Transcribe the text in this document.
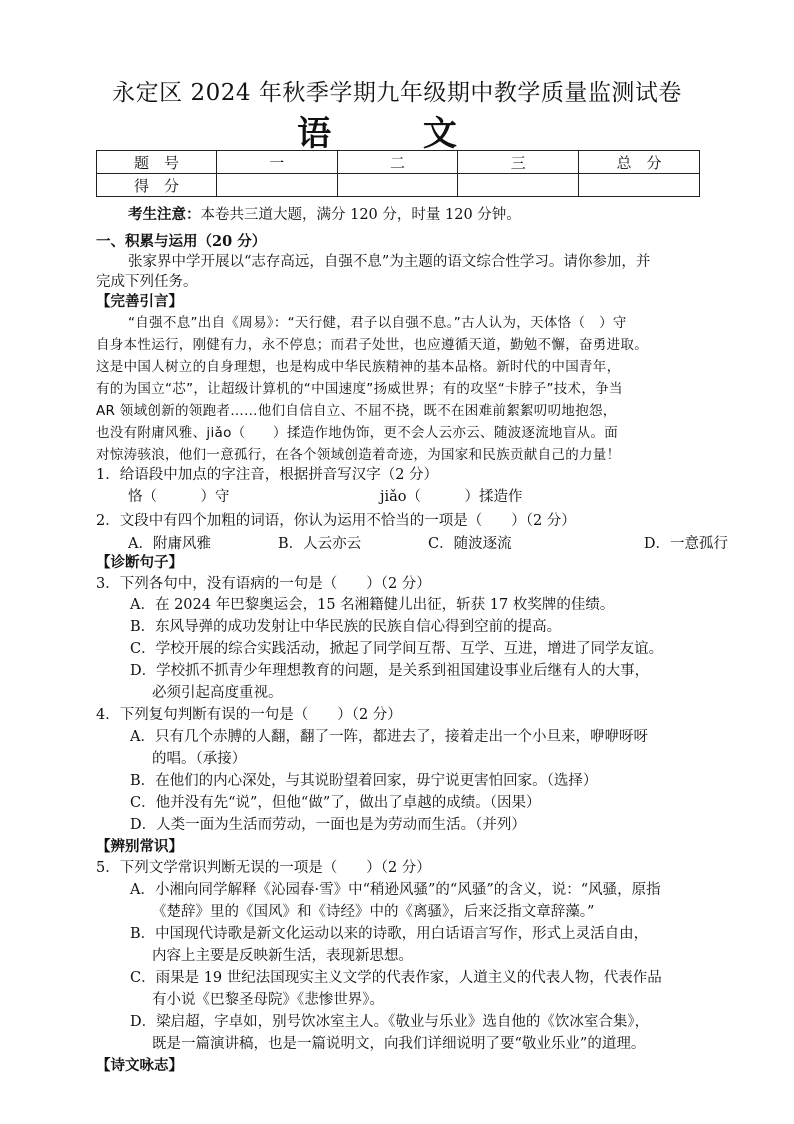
永定区 2024 年秋季学期九年级期中教学质量监测试卷
语 文
题　号	一	二	三	总　分
得　分				
考生注意：本卷共三道大题，满分 120 分，时量 120 分钟。
一、积累与运用（20 分）
张家界中学开展以“志存高远，自强不息”为主题的语文综合性学习。请你参加，并
完成下列任务。
【完善引言】
“自强不息”出自《周易》：“天行健，君子以自强不息。”古人认为，天体恪（　）守
自身本性运行，刚健有力，永不停息；而君子处世，也应遵循天道，勤勉不懈，奋勇进取。
这是中国人树立的自身理想，也是构成中华民族精神的基本品格。新时代的中国青年，
有的为国立“芯”，让超级计算机的“中国速度”扬威世界；有的攻坚“卡脖子”技术，争当
AR 领域创新的领跑者……他们自信自立、不屈不挠，既不在困难前絮絮叨叨地抱怨，
也没有附庸风雅、jiǎo（　　）揉造作地伪饰，更不会人云亦云、随波逐流地盲从。面
对惊涛骇浪，他们一意孤行，在各个领域创造着奇迹，为国家和民族贡献自己的力量！
1．给语段中加点的字注音，根据拼音写汉字（2 分）
恪（　　　）守	jiǎo（　　　）揉造作
2．文段中有四个加粗的词语，你认为运用不恰当的一项是（　　）（2 分）
A．附庸风雅	B．人云亦云	C．随波逐流	D．一意孤行
【诊断句子】
3．下列各句中，没有语病的一句是（　　）（2 分）
A．在 2024 年巴黎奥运会，15 名湘籍健儿出征，斩获 17 枚奖牌的佳绩。
B．东风导弹的成功发射让中华民族的民族自信心得到空前的提高。
C．学校开展的综合实践活动，掀起了同学间互帮、互学、互进，增进了同学友谊。
D．学校抓不抓青少年理想教育的问题，是关系到祖国建设事业后继有人的大事，
必须引起高度重视。
4．下列复句判断有误的一句是（　　）（2 分）
A．只有几个赤膊的人翻，翻了一阵，都进去了，接着走出一个小旦来，咿咿呀呀
的唱。（承接）
B．在他们的内心深处，与其说盼望着回家，毋宁说更害怕回家。（选择）
C．他并没有先“说”，但他“做”了，做出了卓越的成绩。（因果）
D．人类一面为生活而劳动，一面也是为劳动而生活。（并列）
【辨别常识】
5．下列文学常识判断无误的一项是（　　）（2 分）
A．小湘向同学解释《沁园春·雪》中“稍逊风骚”的“风骚”的含义，说：“风骚，原指
《楚辞》里的《国风》和《诗经》中的《离骚》，后来泛指文章辞藻。”
B．中国现代诗歌是新文化运动以来的诗歌，用白话语言写作，形式上灵活自由，
内容上主要是反映新生活，表现新思想。
C．雨果是 19 世纪法国现实主义文学的代表作家，人道主义的代表人物，代表作品
有小说《巴黎圣母院》《悲惨世界》。
D．梁启超，字卓如，别号饮冰室主人。《敬业与乐业》选自他的《饮冰室合集》，
既是一篇演讲稿，也是一篇说明文，向我们详细说明了要“敬业乐业”的道理。
【诗文咏志】
